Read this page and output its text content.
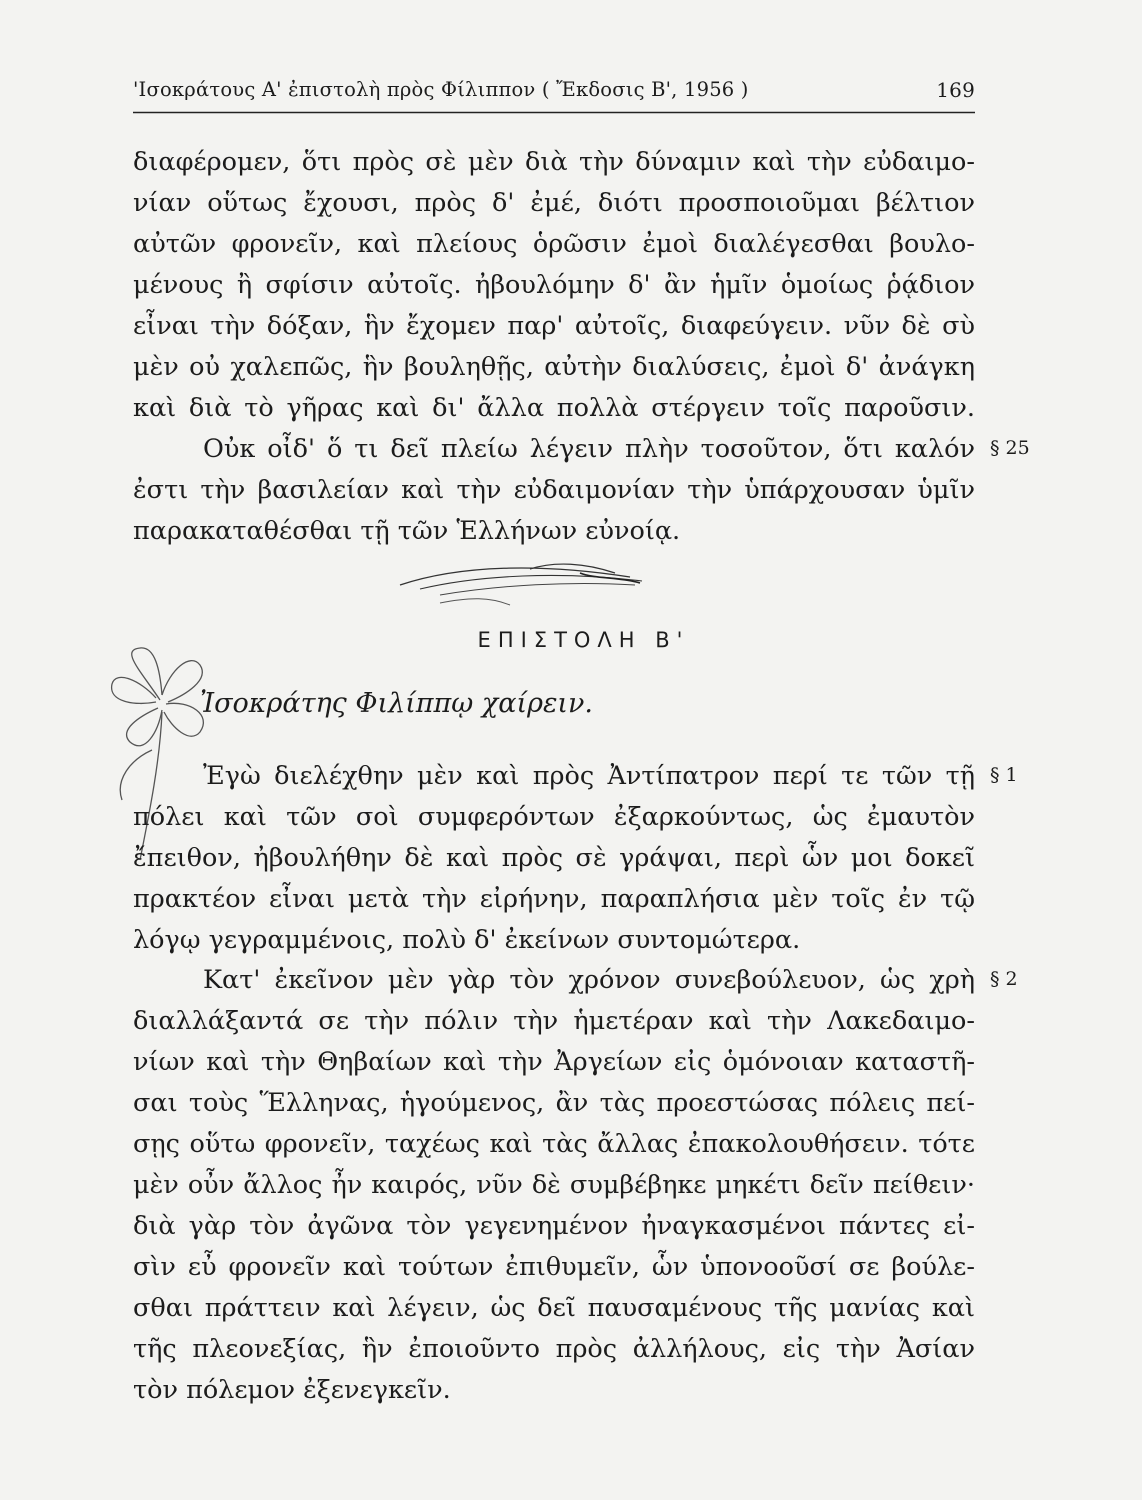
'Ισοκράτους Α' ἐπιστολὴ πρὸς Φίλιππον ( Ἔκδοσις Β', 1956 )	169
διαφέρομεν, ὅτι πρὸς σὲ μὲν διὰ τὴν δύναμιν καὶ τὴν εὐδαιμο-
νίαν οὕτως ἔχουσι, πρὸς δ' ἐμέ, διότι προσποιοῦμαι βέλτιον
αὐτῶν φρονεῖν, καὶ πλείους ὁρῶσιν ἐμοὶ διαλέγεσθαι βουλο-
μένους ἢ σφίσιν αὐτοῖς. ἠβουλόμην δ' ἂν ἡμῖν ὁμοίως ῥᾴδιον
εἶναι τὴν δόξαν, ἣν ἔχομεν παρ' αὐτοῖς, διαφεύγειν. νῦν δὲ σὺ
μὲν οὐ χαλεπῶς, ἣν βουληθῇς, αὐτὴν διαλύσεις, ἐμοὶ δ' ἀνάγκη
καὶ διὰ τὸ γῆρας καὶ δι' ἄλλα πολλὰ στέργειν τοῖς παροῦσιν.
Οὐκ οἶδ' ὅ τι δεῖ πλείω λέγειν πλὴν τοσοῦτον, ὅτι καλόν
ἐστι τὴν βασιλείαν καὶ τὴν εὐδαιμονίαν τὴν ὑπάρχουσαν ὑμῖν
παρακαταθέσθαι τῇ τῶν Ἑλλήνων εὐνοίᾳ.
§ 25
ΕΠΙΣΤΟΛΗ Β'
Ἰσοκράτης Φιλίππῳ χαίρειν.
Ἐγὼ διελέχθην μὲν καὶ πρὸς Ἀντίπατρον περί τε τῶν τῇ
πόλει καὶ τῶν σοὶ συμφερόντων ἐξαρκούντως, ὡς ἐμαυτὸν
ἔπειθον, ἠβουλήθην δὲ καὶ πρὸς σὲ γράψαι, περὶ ὧν μοι δοκεῖ
πρακτέον εἶναι μετὰ τὴν εἰρήνην, παραπλήσια μὲν τοῖς ἐν τῷ
λόγῳ γεγραμμένοις, πολὺ δ' ἐκείνων συντομώτερα.
§ 1
Κατ' ἐκεῖνον μὲν γὰρ τὸν χρόνον συνεβούλευον, ὡς χρὴ
διαλλάξαντά σε τὴν πόλιν τὴν ἡμετέραν καὶ τὴν Λακεδαιμο-
νίων καὶ τὴν Θηβαίων καὶ τὴν Ἀργείων εἰς ὁμόνοιαν καταστῆ-
σαι τοὺς Ἕλληνας, ἡγούμενος, ἂν τὰς προεστώσας πόλεις πεί-
σῃς οὕτω φρονεῖν, ταχέως καὶ τὰς ἄλλας ἐπακολουθήσειν. τότε
μὲν οὖν ἄλλος ἦν καιρός, νῦν δὲ συμβέβηκε μηκέτι δεῖν πείθειν·
διὰ γὰρ τὸν ἀγῶνα τὸν γεγενημένον ἠναγκασμένοι πάντες εἰ-
σὶν εὖ φρονεῖν καὶ τούτων ἐπιθυμεῖν, ὧν ὑπονοοῦσί σε βούλε-
σθαι πράττειν καὶ λέγειν, ὡς δεῖ παυσαμένους τῆς μανίας καὶ
τῆς πλεονεξίας, ἣν ἐποιοῦντο πρὸς ἀλλήλους, εἰς τὴν Ἀσίαν
τὸν πόλεμον ἐξενεγκεῖν.
§ 2
